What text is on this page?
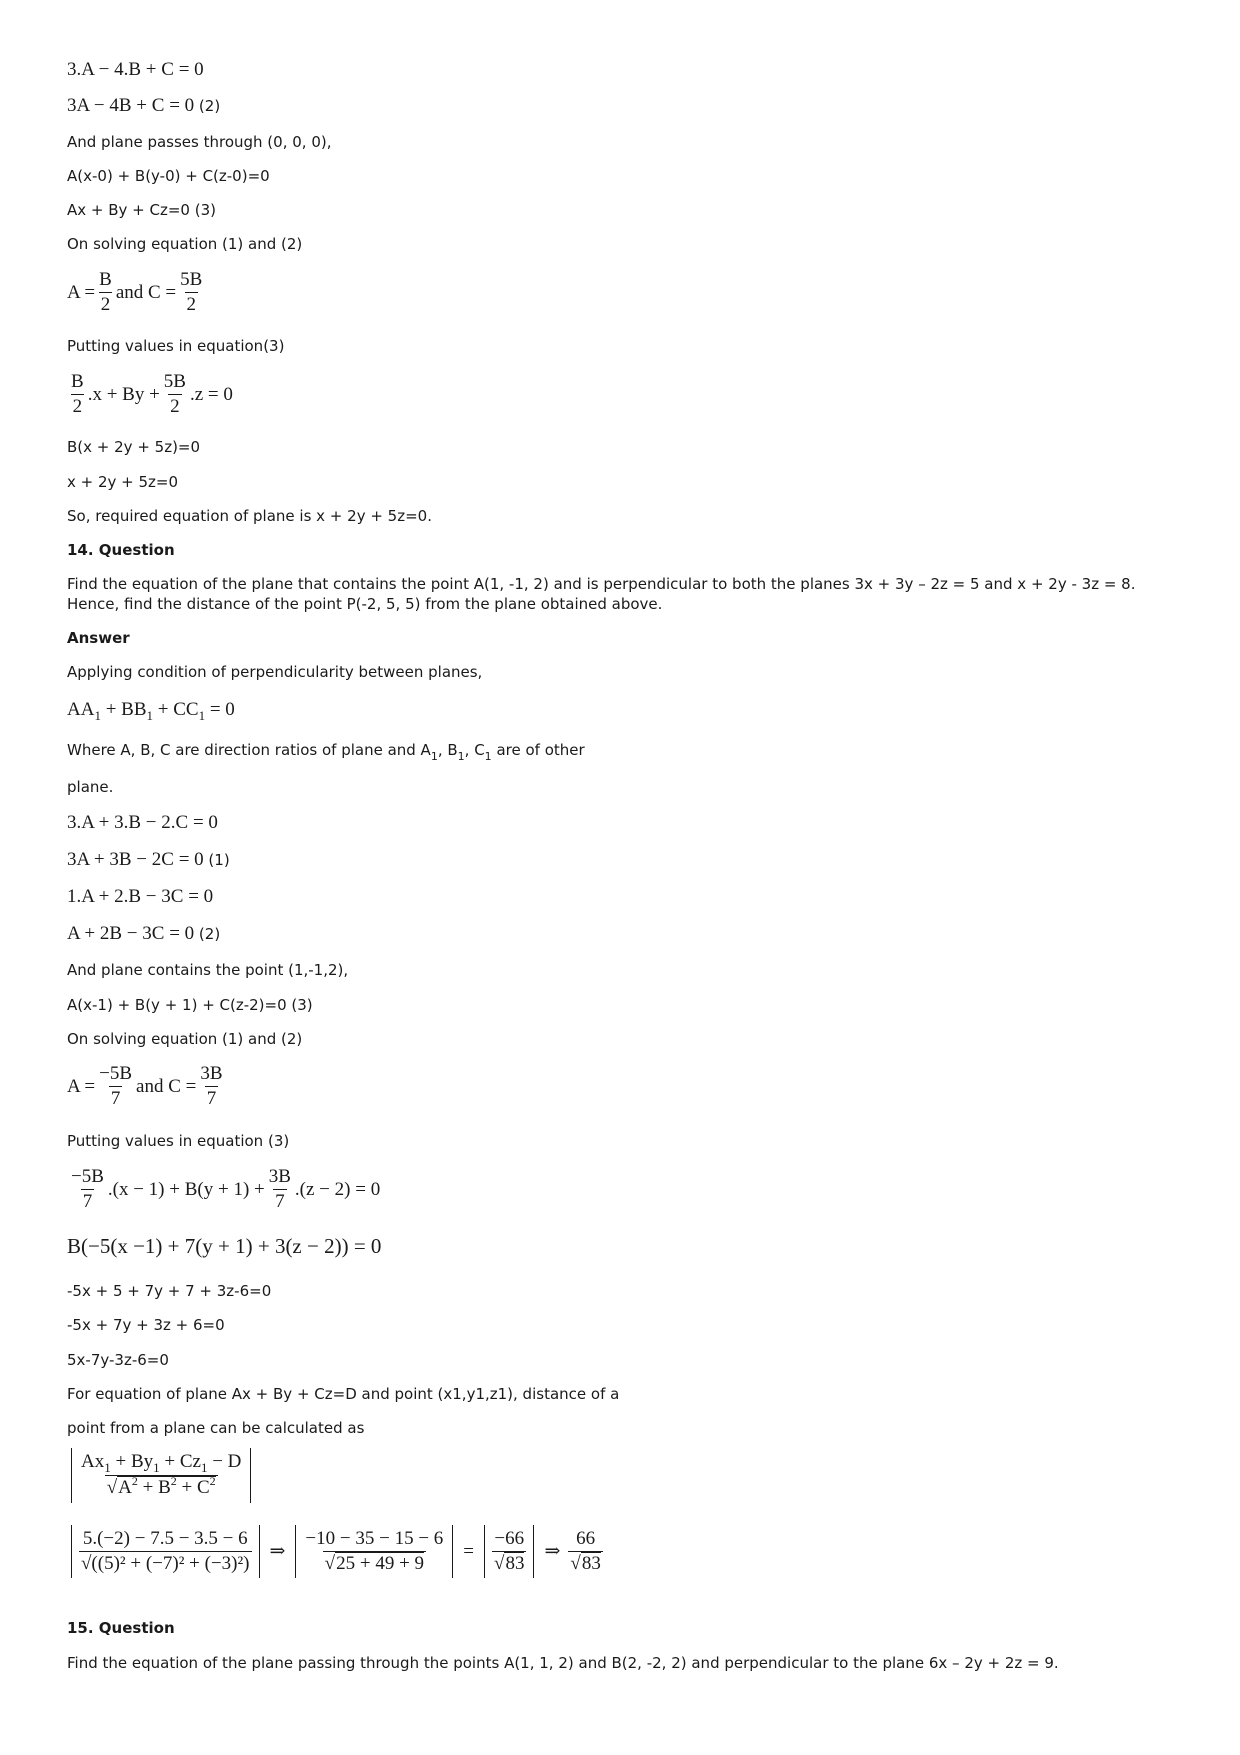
3.A − 4.B + C = 0
3A − 4B + C = 0 (2)
And plane passes through (0, 0, 0),
A(x-0) + B(y-0) + C(z-0)=0
Ax + By + Cz=0 (3)
On solving equation (1) and (2)
$A = \frac{B}{2}$ and $C = \frac{5B}{2}$
Putting values in equation(3)
$\frac{B}{2} .x + By + \frac{5B}{2} .z = 0$
B(x + 2y + 5z)=0
x + 2y + 5z=0
So, required equation of plane is x + 2y + 5z=0.
14. Question
Find the equation of the plane that contains the point A(1, -1, 2) and is perpendicular to both the planes 3x + 3y – 2z = 5 and x + 2y - 3z = 8. Hence, find the distance of the point P(-2, 5, 5) from the plane obtained above.
Answer
Applying condition of perpendicularity between planes,
$AA_1 + BB_1 + CC_1 = 0$
Where A, B, C are direction ratios of plane and $A_1$, $B_1$, $C_1$ are of other
plane.
3.A + 3.B − 2.C = 0
3A + 3B − 2C = 0 (1)
1.A + 2.B − 3C = 0
A + 2B − 3C = 0 (2)
And plane contains the point (1,-1,2),
A(x-1) + B(y + 1) + C(z-2)=0 (3)
On solving equation (1) and (2)
$A = \frac{-5B}{7}$ and $C = \frac{3B}{7}$
Putting values in equation (3)
$\frac{-5B}{7} .(x - 1) + B(y + 1) + \frac{3B}{7} .(z - 2) = 0$
B(−5(x −1) + 7(y + 1) + 3(z − 2)) = 0
-5x + 5 + 7y + 7 + 3z-6=0
-5x + 7y + 3z + 6=0
5x-7y-3z-6=0
For equation of plane Ax + By + Cz=D and point (x1,y1,z1), distance of a
point from a plane can be calculated as
$\frac{Ax_1 + By_1 + Cz_1 - D}{√A^2 + B^2 + C^2}$
$\frac{5.(-2) - 7.5 - 3.5 - 6}{\text{√((5)² + (−7)² + (−3)²)}}$ ⇒ $\frac{-10 - 35 - 15 - 6}{√25 + 49 + 9} = \frac{-66}{√83}$ ⇒ $\frac{66}{√83}$
15. Question
Find the equation of the plane passing through the points A(1, 1, 2) and B(2, -2, 2) and perpendicular to the plane 6x – 2y + 2z = 9.
